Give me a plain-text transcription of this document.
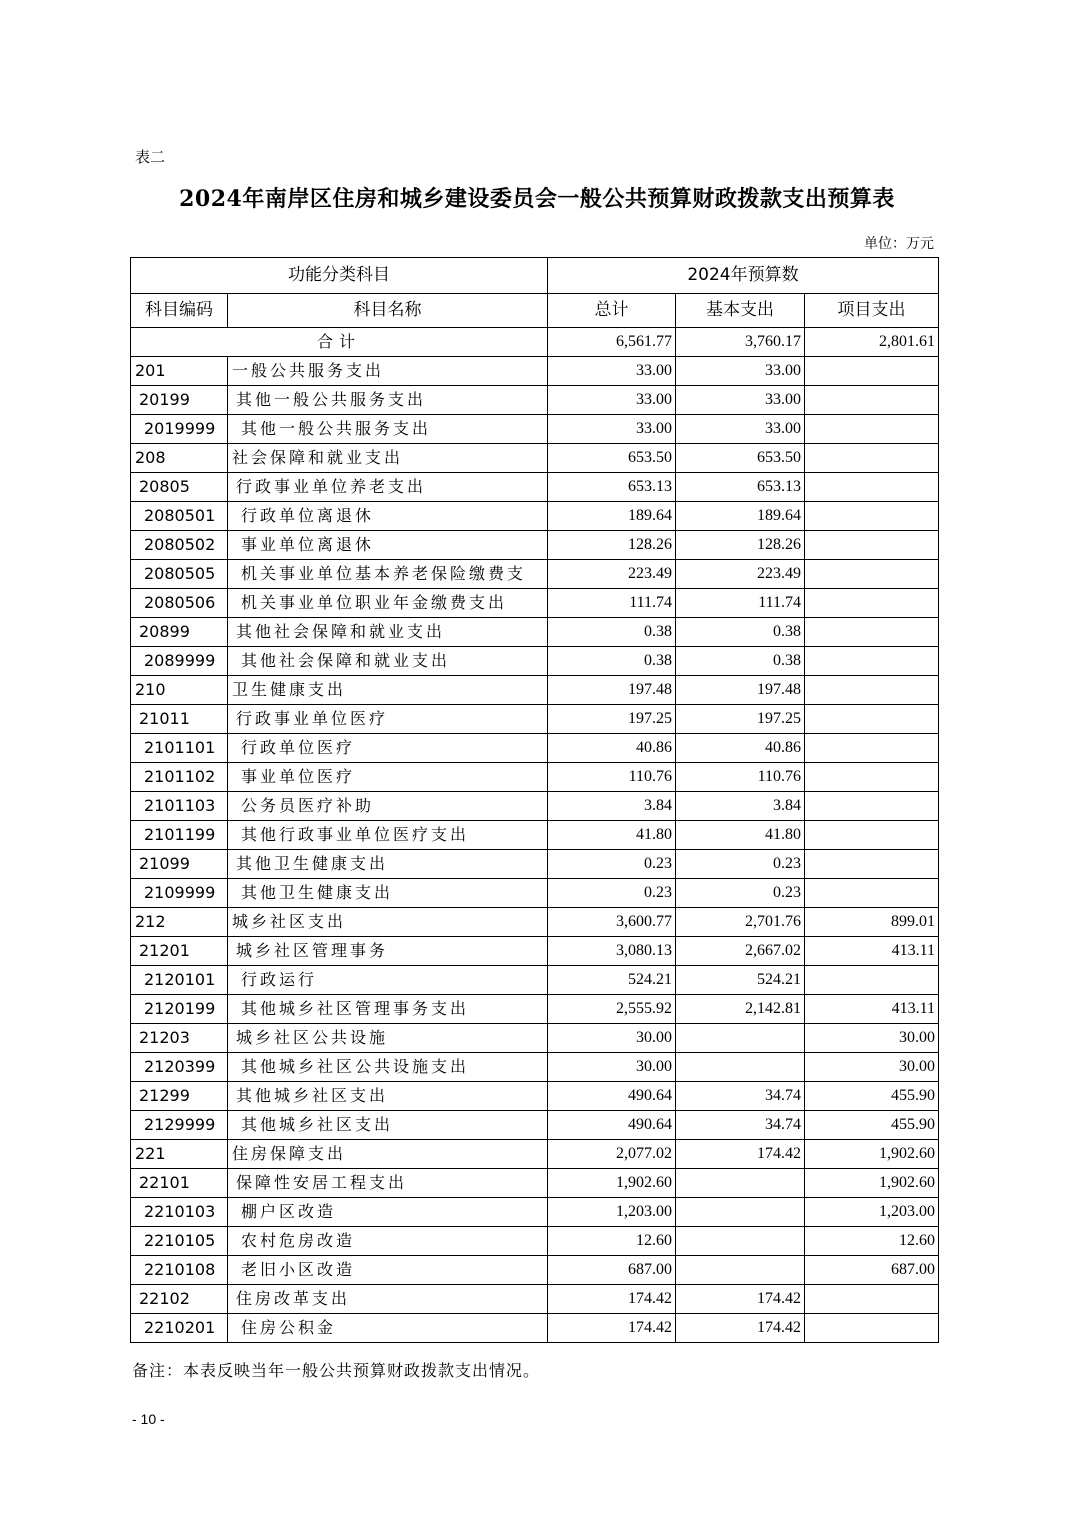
表二
2024年南岸区住房和城乡建设委员会一般公共预算财政拨款支出预算表
单位：万元
功能分类科目		2024年预算数		
科目编码	科目名称	总计	基本支出	项目支出
合计		6,561.77	3,760.17	2,801.61
201	一般公共服务支出	33.00	33.00	
20199	其他一般公共服务支出	33.00	33.00	
2019999	其他一般公共服务支出	33.00	33.00	
208	社会保障和就业支出	653.50	653.50	
20805	行政事业单位养老支出	653.13	653.13	
2080501	行政单位离退休	189.64	189.64	
2080502	事业单位离退休	128.26	128.26	
2080505	机关事业单位基本养老保险缴费支	223.49	223.49	
2080506	机关事业单位职业年金缴费支出	111.74	111.74	
20899	其他社会保障和就业支出	0.38	0.38	
2089999	其他社会保障和就业支出	0.38	0.38	
210	卫生健康支出	197.48	197.48	
21011	行政事业单位医疗	197.25	197.25	
2101101	行政单位医疗	40.86	40.86	
2101102	事业单位医疗	110.76	110.76	
2101103	公务员医疗补助	3.84	3.84	
2101199	其他行政事业单位医疗支出	41.80	41.80	
21099	其他卫生健康支出	0.23	0.23	
2109999	其他卫生健康支出	0.23	0.23	
212	城乡社区支出	3,600.77	2,701.76	899.01
21201	城乡社区管理事务	3,080.13	2,667.02	413.11
2120101	行政运行	524.21	524.21	
2120199	其他城乡社区管理事务支出	2,555.92	2,142.81	413.11
21203	城乡社区公共设施	30.00		30.00
2120399	其他城乡社区公共设施支出	30.00		30.00
21299	其他城乡社区支出	490.64	34.74	455.90
2129999	其他城乡社区支出	490.64	34.74	455.90
221	住房保障支出	2,077.02	174.42	1,902.60
22101	保障性安居工程支出	1,902.60		1,902.60
2210103	棚户区改造	1,203.00		1,203.00
2210105	农村危房改造	12.60		12.60
2210108	老旧小区改造	687.00		687.00
22102	住房改革支出	174.42	174.42	
2210201	住房公积金	174.42	174.42	
备注：本表反映当年一般公共预算财政拨款支出情况。
- 10 -
